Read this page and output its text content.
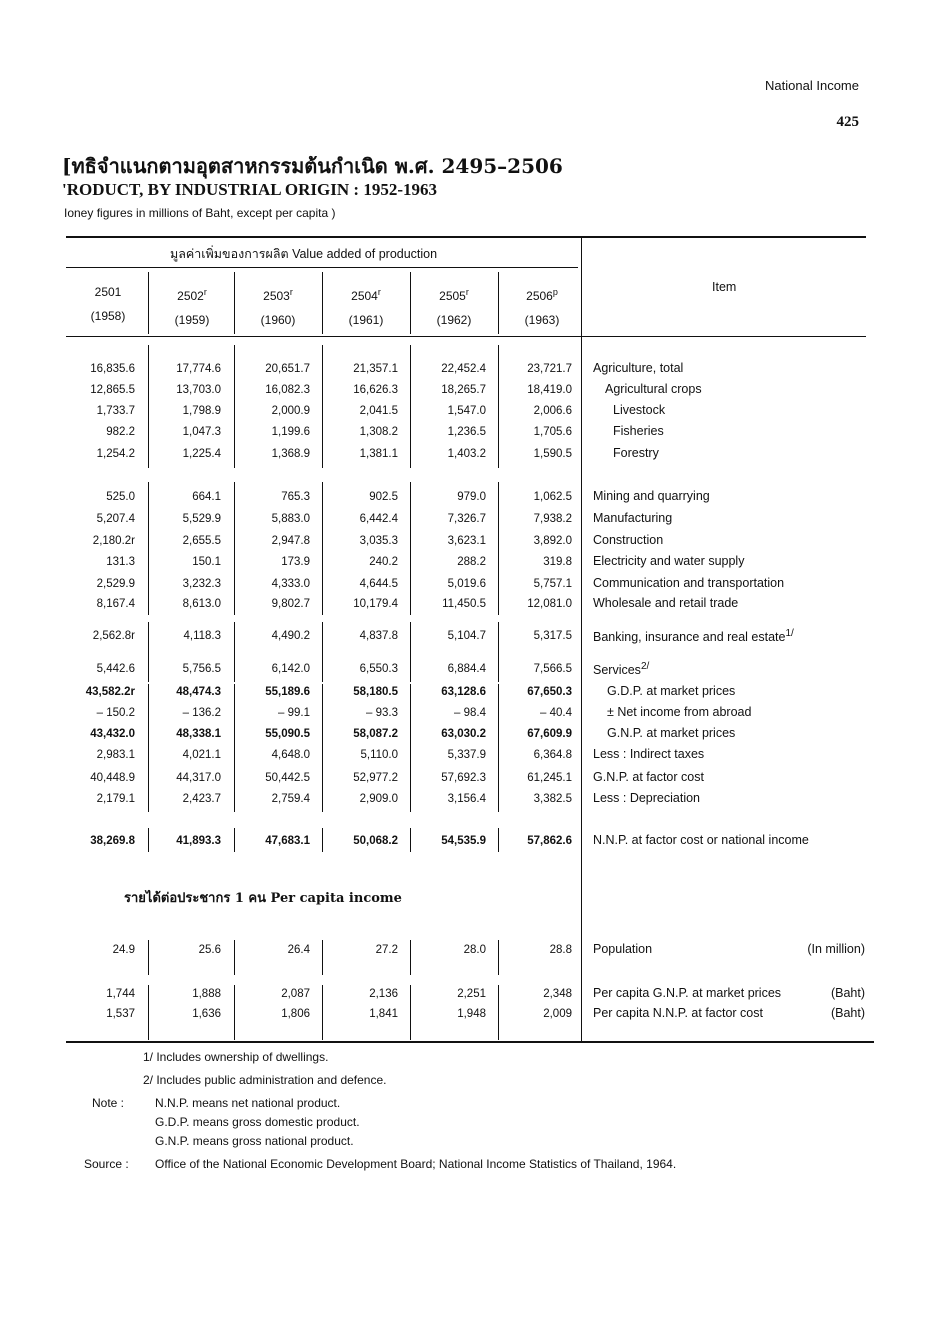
National Income
425
[ทธิจำแนกตามอุตสาหกรรมต้นกำเนิด พ.ศ. 2495–2506
'RODUCT, BY INDUSTRIAL ORIGIN : 1952-1963
Ioney figures in millions of Baht, except per capita )
มูลค่าเพิ่มของการผลิต Value added of production
Item
2501
(1958)
2502$^r$
(1959)
2503$^r$
(1960)
2504$^r$
(1961)
2505$^r$
(1962)
2506$^p$
(1963)
16,835.6	17,774.6	20,651.7	21,357.1	22,452.4	23,721.7 Agriculture, total
12,865.5	13,703.0	16,082.3	16,626.3	18,265.7	18,419.0	Agricultural crops
1,733.7	1,798.9	2,000.9	2,041.5	1,547.0	2,006.6	Livestock
982.2	1,047.3	1,199.6	1,308.2	1,236.5	1,705.6	Fisheries
1,254.2	1,225.4	1,368.9	1,381.1	1,403.2	1,590.5	Forestry
525.0	664.1	765.3	902.5	979.0	1,062.5 Mining and quarrying
5,207.4	5,529.9	5,883.0	6,442.4	7,326.7	7,938.2 Manufacturing
2,180.2r	2,655.5	2,947.8	3,035.3	3,623.1	3,892.0 Construction
131.3	150.1	173.9	240.2	288.2	319.8 Electricity and water supply
2,529.9	3,232.3	4,333.0	4,644.5	5,019.6	5,757.1 Communication and transportation
8,167.4	8,613.0	9,802.7	10,179.4	11,450.5	12,081.0 Wholesale and retail trade
2,562.8r	4,118.3	4,490.2	4,837.8	5,104.7	5,317.5 Banking, insurance and real estate$^{1/}$
5,442.6	5,756.5	6,142.0	6,550.3	6,884.4	7,566.5 Services$^{2/}$
43,582.2r	48,474.3	55,189.6	58,180.5	63,128.6	67,650.3	G.D.P. at market prices
– 150.2	– 136.2	– 99.1	– 93.3	– 98.4	– 40.4	± Net income from abroad
43,432.0	48,338.1	55,090.5	58,087.2	63,030.2	67,609.9	G.N.P. at market prices
2,983.1	4,021.1	4,648.0	5,110.0	5,337.9	6,364.8 Less : Indirect taxes
40,448.9	44,317.0	50,442.5	52,977.2	57,692.3	61,245.1 G.N.P. at factor cost
2,179.1	2,423.7	2,759.4	2,909.0	3,156.4	3,382.5 Less : Depreciation
38,269.8	41,893.3	47,683.1	50,068.2	54,535.9	57,862.6 N.N.P. at factor cost or national income
รายได้ต่อประชากร 1 คน Per capita income
24.9	25.6	26.4	27.2	28.0	28.8 Population	(In million)
1,744	1,888	2,087	2,136	2,251	2,348 Per capita G.N.P. at market prices	(Baht)
1,537	1,636	1,806	1,841	1,948	2,009 Per capita N.N.P. at factor cost	(Baht)
1/ Includes ownership of dwellings.
2/ Includes public administration and defence.
Note :	N.N.P. means net national product.
G.D.P. means gross domestic product.
G.N.P. means gross national product.
Source : Office of the National Economic Development Board; National Income Statistics of Thailand, 1964.
